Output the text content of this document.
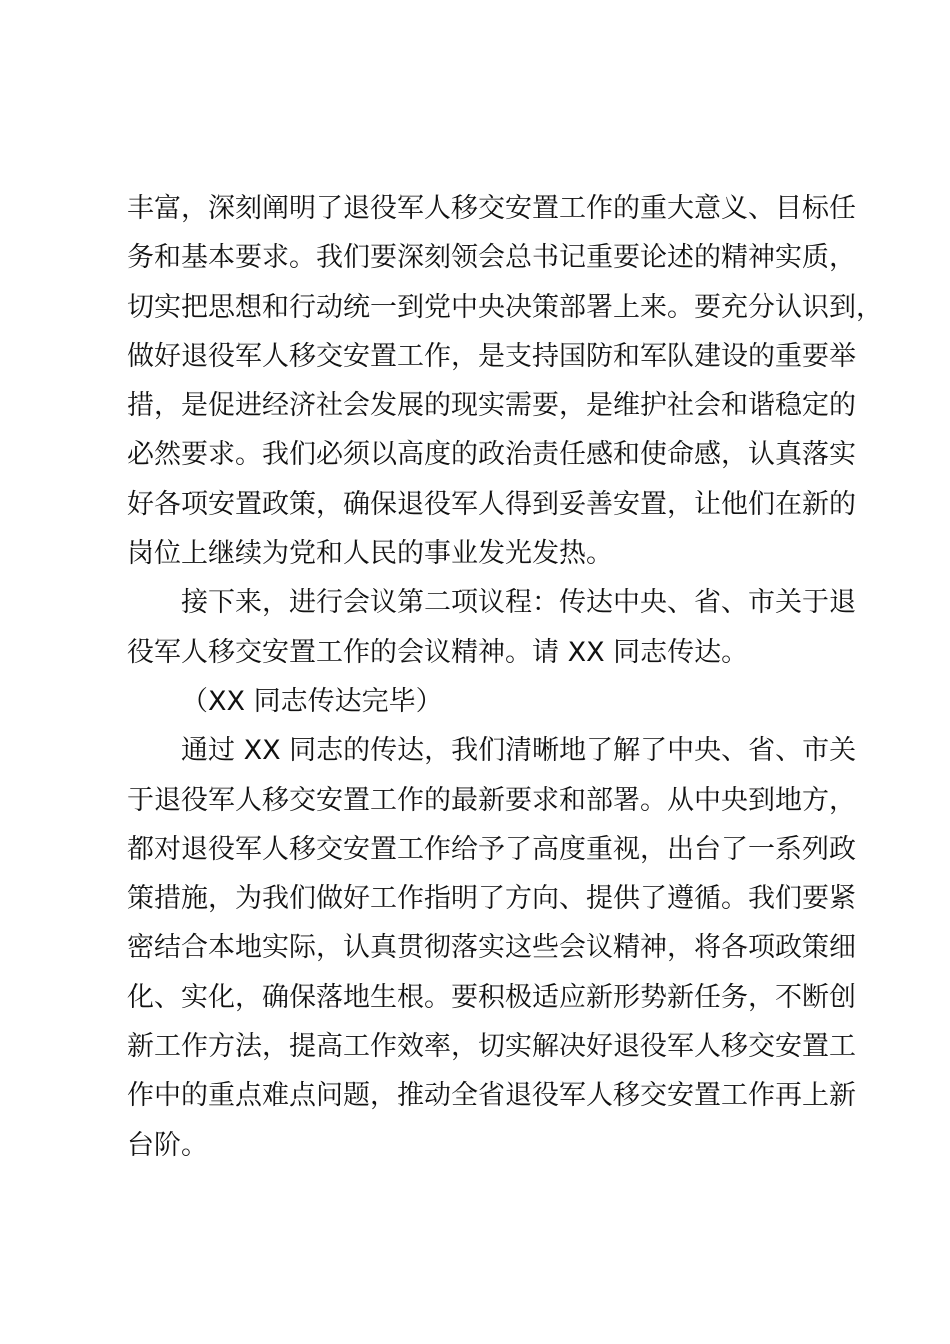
丰富，深刻阐明了退役军人移交安置工作的重大意义、目标任
务和基本要求。我们要深刻领会总书记重要论述的精神实质，
切实把思想和行动统一到党中央决策部署上来。要充分认识到，
做好退役军人移交安置工作，是支持国防和军队建设的重要举
措，是促进经济社会发展的现实需要，是维护社会和谐稳定的
必然要求。我们必须以高度的政治责任感和使命感，认真落实
好各项安置政策，确保退役军人得到妥善安置，让他们在新的
岗位上继续为党和人民的事业发光发热。
接下来，进行会议第二项议程：传达中央、省、市关于退
役军人移交安置工作的会议精神。请 XX 同志传达。
（XX 同志传达完毕）
通过 XX 同志的传达，我们清晰地了解了中央、省、市关
于退役军人移交安置工作的最新要求和部署。从中央到地方，
都对退役军人移交安置工作给予了高度重视，出台了一系列政
策措施，为我们做好工作指明了方向、提供了遵循。我们要紧
密结合本地实际，认真贯彻落实这些会议精神，将各项政策细
化、实化，确保落地生根。要积极适应新形势新任务，不断创
新工作方法，提高工作效率，切实解决好退役军人移交安置工
作中的重点难点问题，推动全省退役军人移交安置工作再上新
台阶。
